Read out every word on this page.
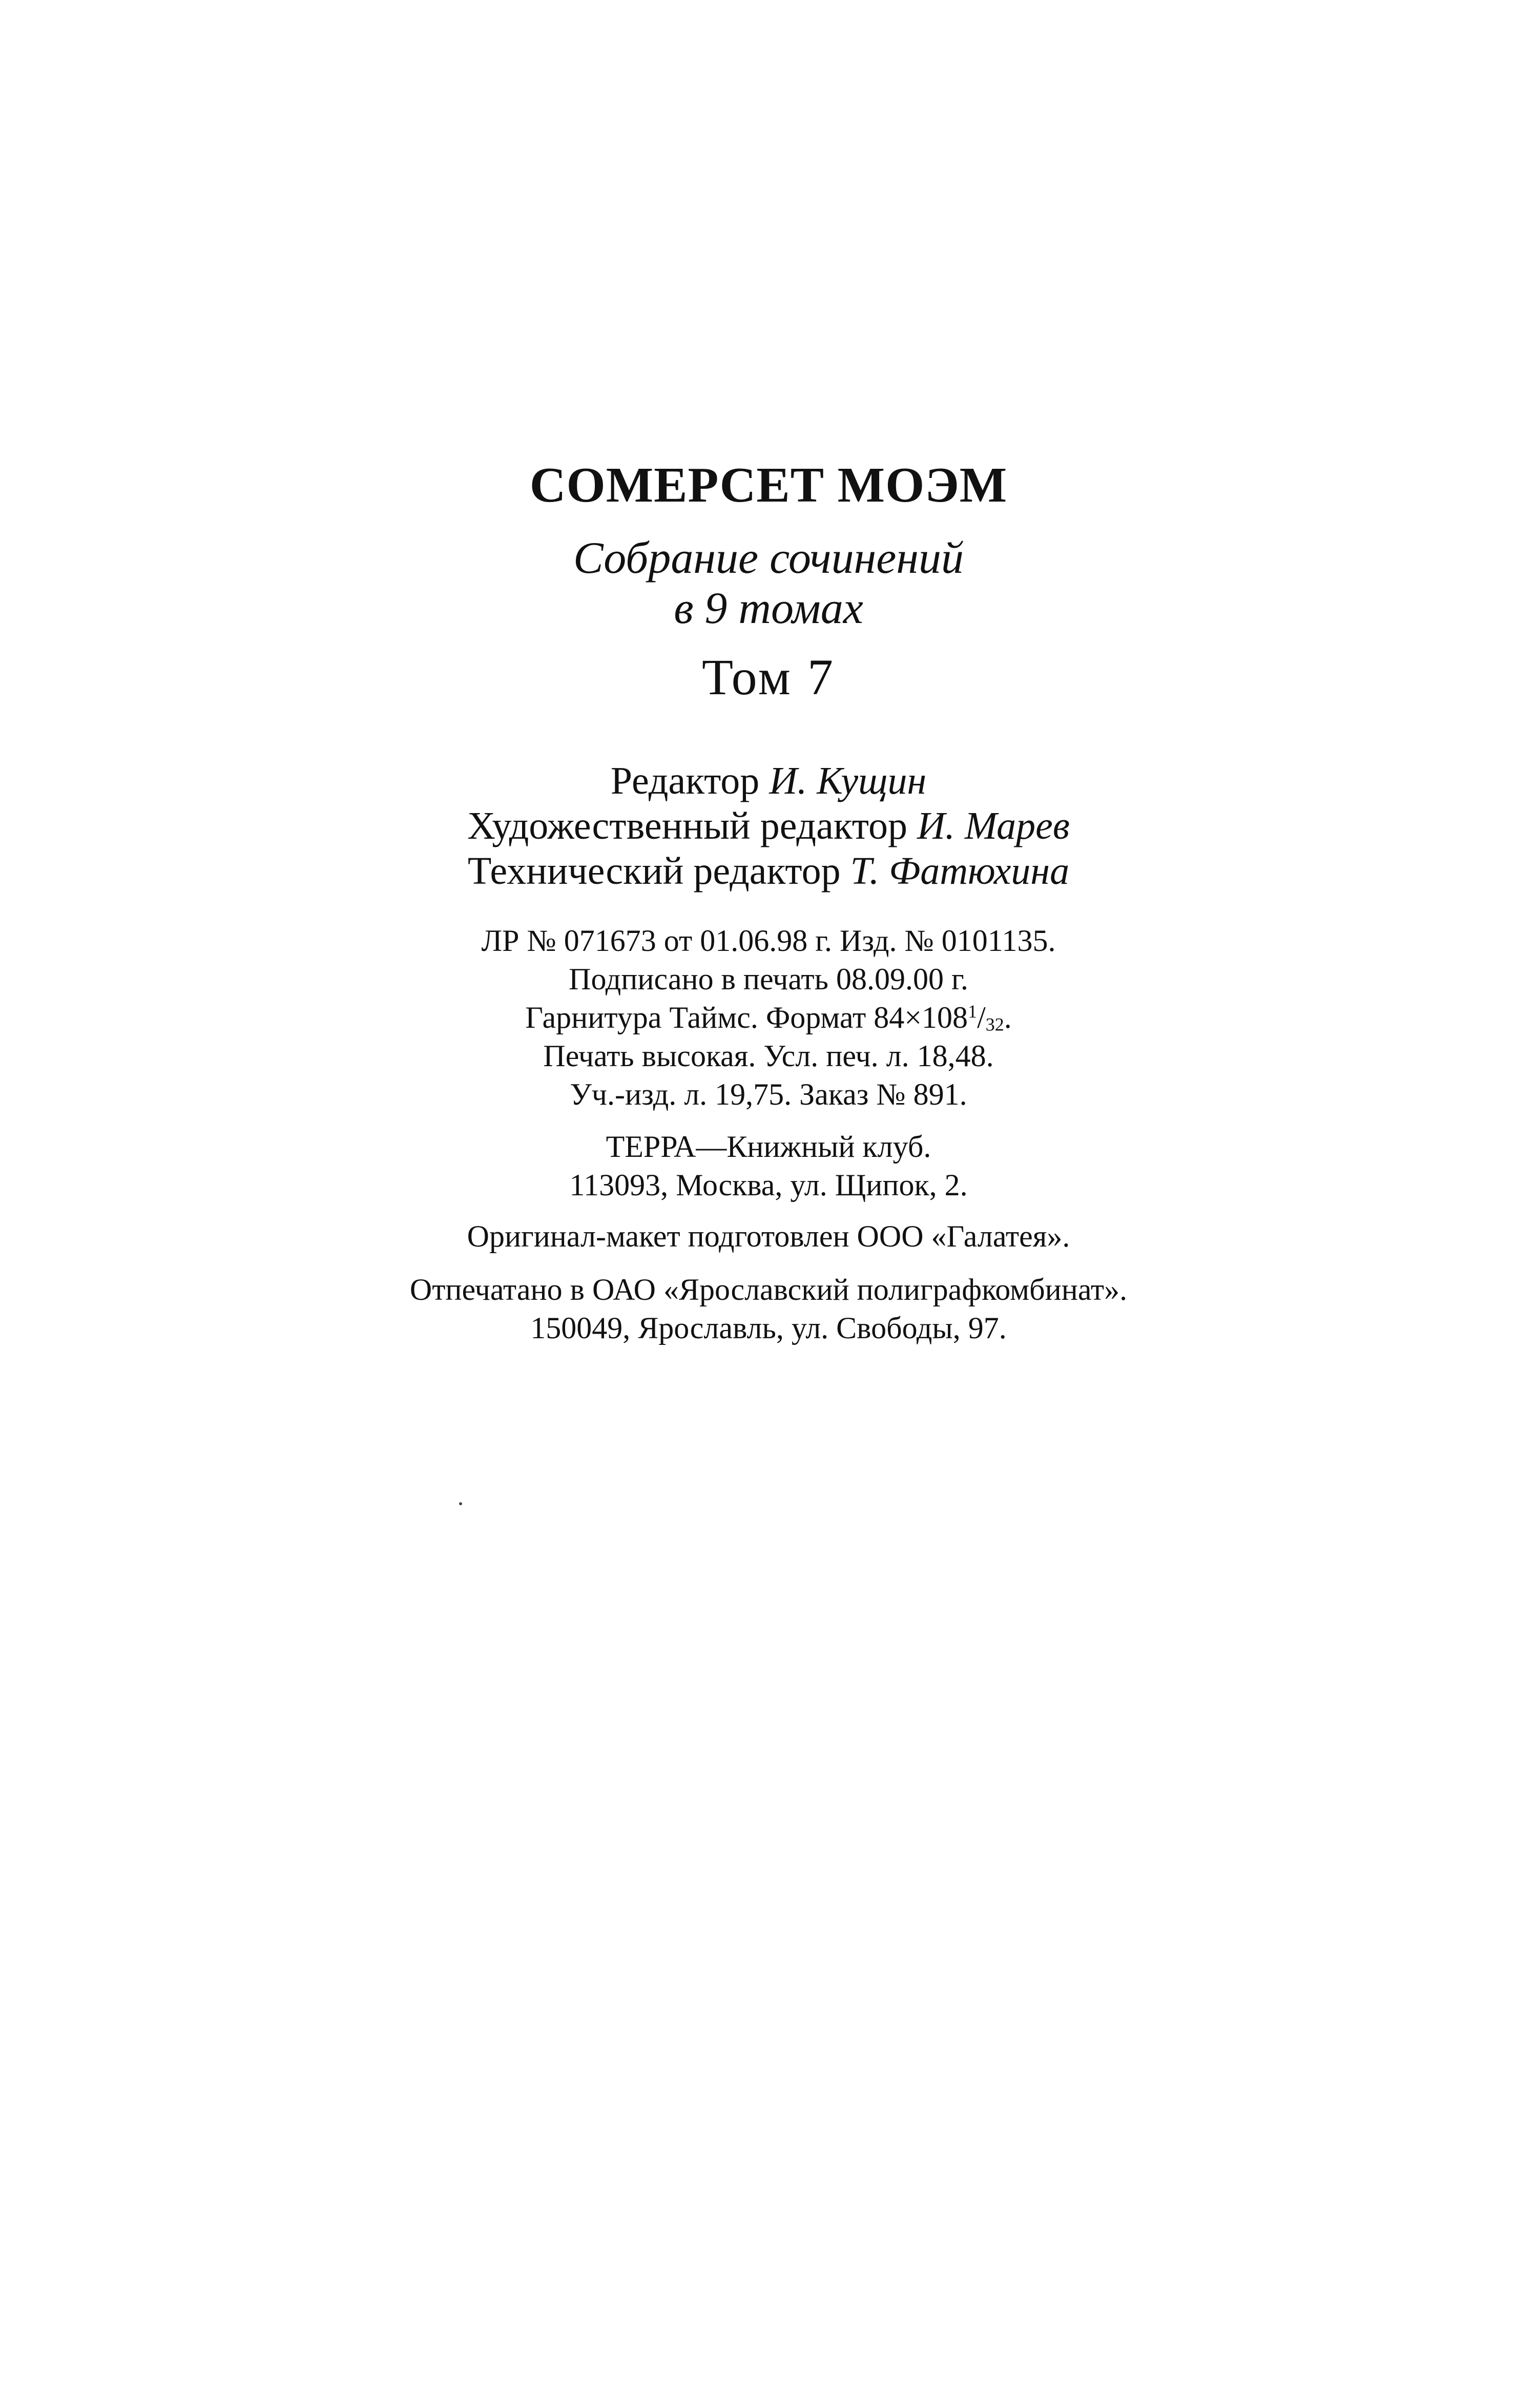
СОМЕРСЕТ МОЭМ
Собрание сочинений
в 9 томах
Том 7
Редактор И. Кущин
Художественный редактор И. Марев
Технический редактор Т. Фатюхина
ЛР № 071673 от 01.06.98 г. Изд. № 0101135.
Подписано в печать 08.09.00 г.
Гарнитура Таймс. Формат $84\times 108^1/_{32}$.
Печать высокая. Усл. печ. л. 18,48.
Уч.-изд. л. 19,75. Заказ № 891.
ТЕРРА—Книжный клуб.
113093, Москва, ул. Щипок, 2.
Оригинал-макет подготовлен ООО «Галатея».
Отпечатано в ОАО «Ярославский полиграфкомбинат».
150049, Ярославль, ул. Свободы, 97.
